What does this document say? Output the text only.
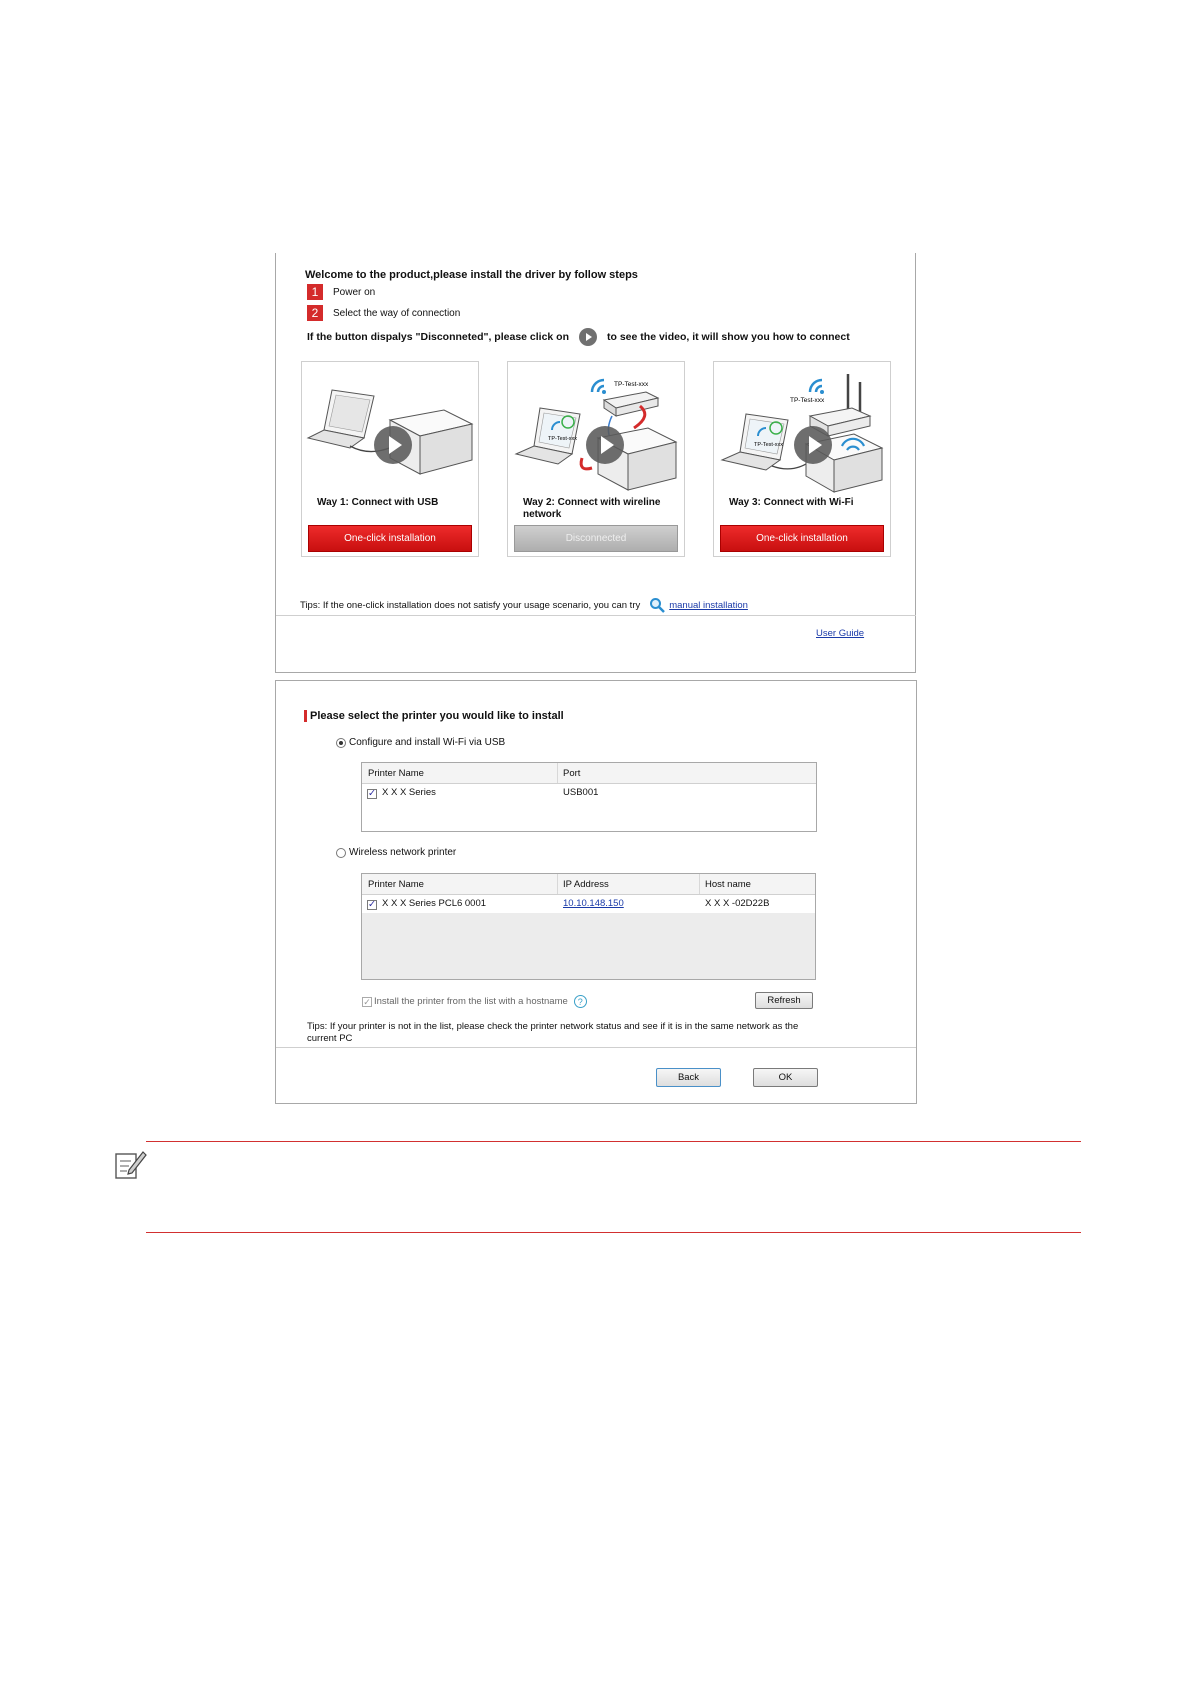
Welcome to the product,please install the driver by follow steps
1	Power on
2	Select the way of connection
If the button dispalys "Disconneted", please click on	to see the video, it will show you how to connect
Way 1: Connect with USB
One-click installation
TP-Test-xxx
TP-Test-xxx
Way 2: Connect with wireline network
Disconnected
TP-Test-xxx
TP-Test-xxx
Way 3: Connect with Wi-Fi
One-click installation
Tips: If the one-click installation does not satisfy your usage scenario, you can try	manual installation
User Guide
Please select the printer you would like to install
Configure and install Wi-Fi via USB
Printer Name	Port
✓ X X X Series	USB001
Wireless network printer
Printer Name	IP Address	Host name
✓ X X X Series PCL6 0001	10.10.148.150	X X X -02D22B
✓ Install the printer from the list with a hostname	?	Refresh
Tips: If your printer is not in the list, please check the printer network status and see if it is in the same network as the current PC
Back	OK
